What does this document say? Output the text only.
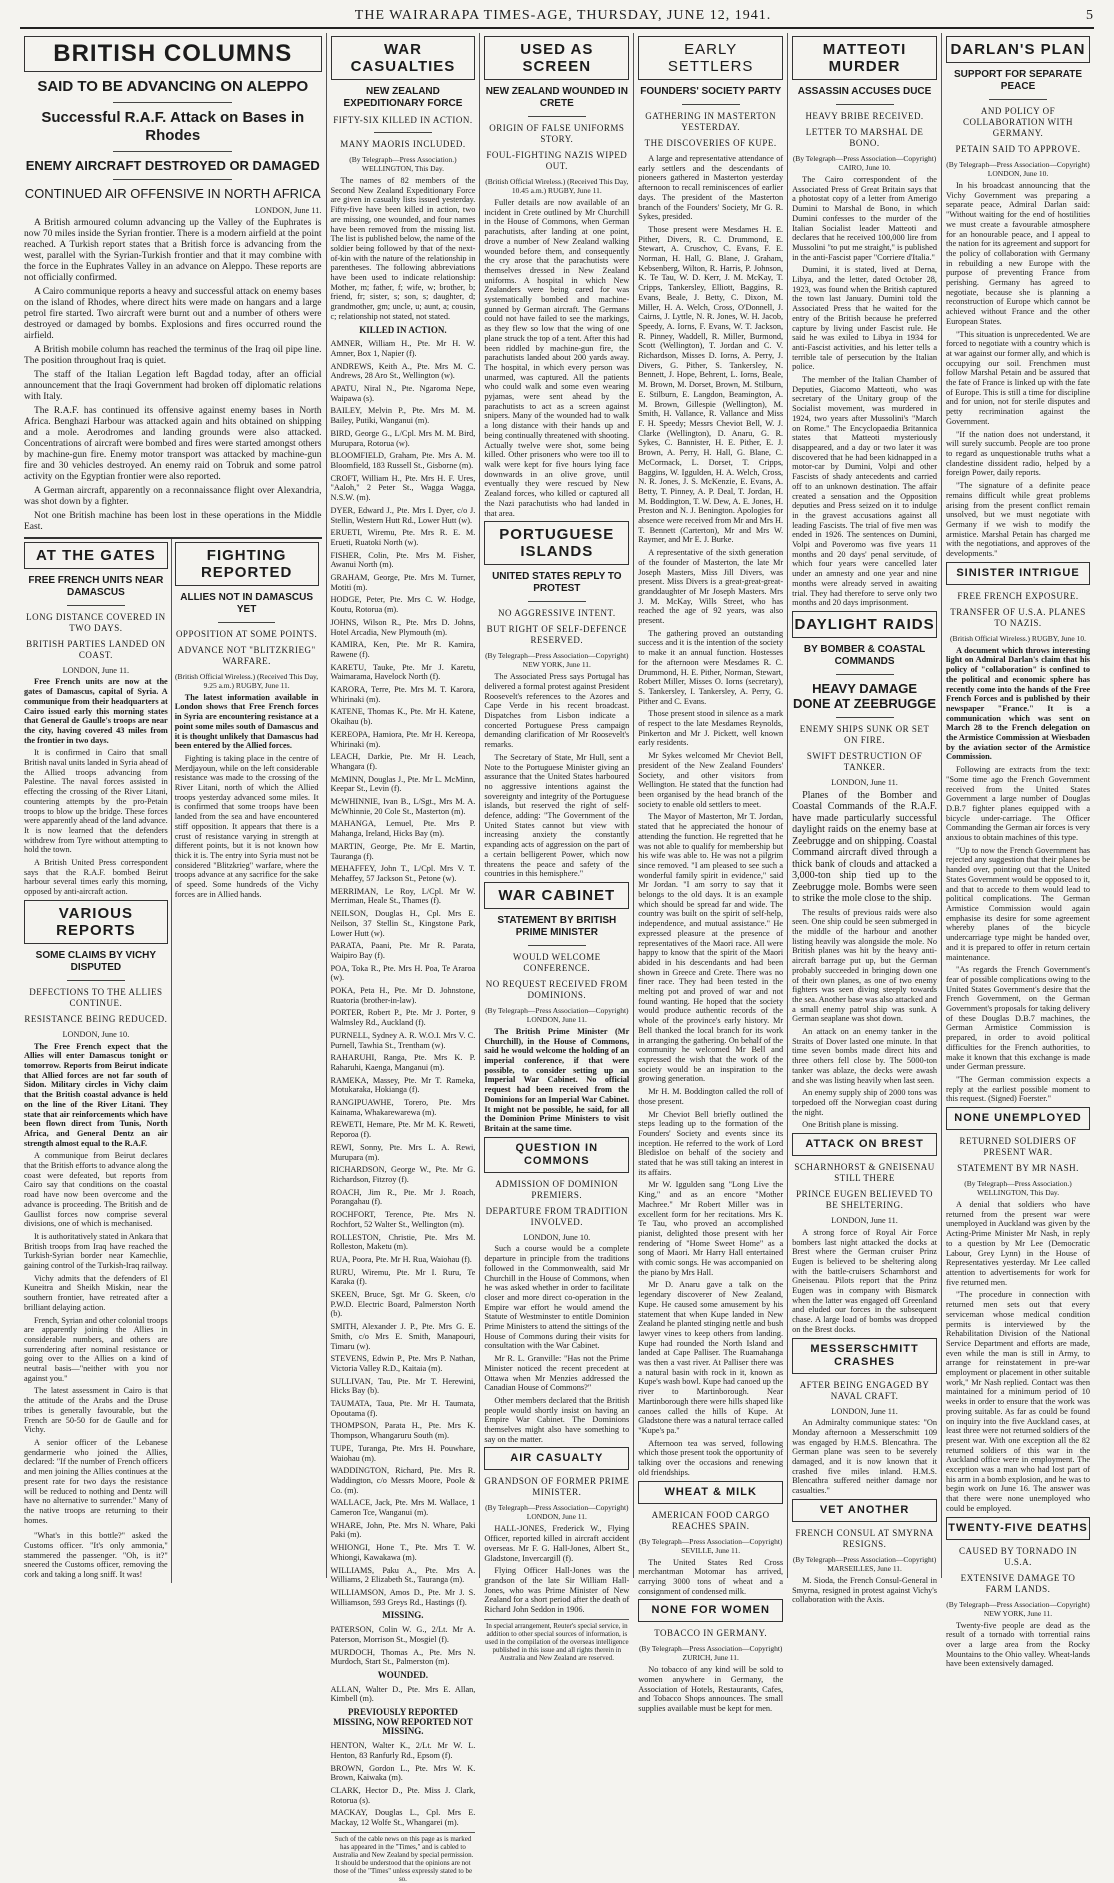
THE WAIRARAPA TIMES-AGE, THURSDAY, JUNE 12, 1941.	5
BRITISH COLUMNS
SAID TO BE ADVANCING ON ALEPPO
Successful R.A.F. Attack on Bases in Rhodes
ENEMY AIRCRAFT DESTROYED OR DAMAGED
CONTINUED AIR OFFENSIVE IN NORTH AFRICA
LONDON, June 11.

A British armoured column advancing up the Valley of the Euphrates is now 70 miles inside the Syrian frontier. There is a modern airfield at the point reached. A Turkish report states that a British force is advancing from the west, parallel with the Syrian-Turkish frontier and that it may combine with the force in the Euphrates Valley in an advance on Aleppo. These reports are not officially confirmed.

A Cairo communique reports a heavy and successful attack on enemy bases on the island of Rhodes, where direct hits were made on hangars and a large petrol fire started. Two aircraft were burnt out and a number of others were destroyed or damaged by bombs. Explosions and fires occurred round the airfield.

A British mobile column has reached the terminus of the Iraq oil pipe line. The position throughout Iraq is quiet.

The staff of the Italian Legation left Bagdad today, after an official announcement that the Iraqi Government had broken off diplomatic relations with Italy.

The R.A.F. has continued its offensive against enemy bases in North Africa. Benghazi Harbour was attacked again and hits obtained on shipping and a mole. Aerodromes and landing grounds were also attacked. Concentrations of aircraft were bombed and fires were started amongst others by machine-gun fire. Enemy motor transport was attacked by machine-gun fire and 30 vehicles destroyed. An enemy raid on Tobruk and some patrol activity on the Egyptian frontier were also reported.

A German aircraft, apparently on a reconnaissance flight over Alexandria, was shot down by a fighter.

Not one British machine has been lost in these operations in the Middle East.

AT THE GATES
FREE FRENCH UNITS NEAR DAMASCUS
LONG DISTANCE COVERED IN TWO DAYS.
BRITISH PARTIES LANDED ON COAST.
LONDON, June 11.

Free French units are now at the gates of Damascus, capital of Syria. A communique from their headquarters at Cairo issued early this morning states that General de Gaulle's troops are near the city, having covered 43 miles from the frontier in two days.

It is confirmed in Cairo that small British naval units landed in Syria ahead of the Allied troops advancing from Palestine. The naval forces assisted in effecting the crossing of the River Litani, countering attempts by the pro-Petain troops to blow up the bridge. These forces were apparently ahead of the land advance. It is now learned that the defenders withdrew from Tyre without attempting to hold the town.

A British United Press correspondent says that the R.A.F. bombed Beirut harbour several times early this morning, opposed by anti-aircraft action.

VARIOUS REPORTS
SOME CLAIMS BY VICHY DISPUTED
DEFECTIONS TO THE ALLIES CONTINUE.
RESISTANCE BEING REDUCED.
LONDON, June 10.

The Free French expect that the Allies will enter Damascus tonight or tomorrow. Reports from Beirut indicate that Allied forces are not far south of Sidon. Military circles in Vichy claim that the British coastal advance is held on the line of the River Litani. They state that air reinforcements which have been flown direct from Tunis, North Africa, and General Dentz an air strength almost equal to the R.A.F.

A communique from Beirut declares that the British efforts to advance along the coast were defeated, but reports from Cairo say that conditions on the coastal road have now been overcome and the advance is proceeding. The British and de Gaullist forces now comprise several divisions, one of which is mechanised.

It is authoritatively stated in Ankara that British troops from Iraq have reached the Turkish-Syrian border near Kamechlie, gaining control of the Turkish-Iraq railway.

Vichy admits that the defenders of El Kuneitra and Sheikh Miskin, near the southern frontier, have retreated after a brilliant delaying action.

French, Syrian and other colonial troops are apparently joining the Allies in considerable numbers, and others are surrendering after nominal resistance or going over to the Allies on a kind of neutral basis—"neither with you nor against you."

The latest assessment in Cairo is that the attitude of the Arabs and the Druse tribes is generally favourable, but the French are 50-50 for de Gaulle and for Vichy.

A senior officer of the Lebanese gendarmerie who joined the Allies, declared: "If the number of French officers and men joining the Allies continues at the present rate for two days the resistance will be reduced to nothing and Dentz will have no alternative to surrender." Many of the native troops are returning to their homes.

"What's in this bottle?" asked the Customs officer. "It's only ammonia," stammered the passenger. "Oh, is it?" sneered the Customs officer, removing the cork and taking a long sniff. It was!

FIGHTING REPORTED
ALLIES NOT IN DAMASCUS YET
OPPOSITION AT SOME POINTS.
ADVANCE NOT "BLITZKRIEG" WARFARE.
(British Official Wireless.) (Received This Day, 9.25 a.m.) RUGBY, June 11.

The latest information available in London shows that Free French forces in Syria are encountering resistance at a point some miles south of Damascus and it is thought unlikely that Damascus had been entered by the Allied forces.

Fighting is taking place in the centre of Merdjayoun, while on the left considerable resistance was made to the crossing of the River Litani, north of which the Allied troops yesterday advanced some miles. It is confirmed that some troops have been landed from the sea and have encountered stiff opposition. It appears that there is a crust of resistance varying in strength at different points, but it is not known how thick it is. The entry into Syria must not be considered "Blitzkrieg" warfare, where the troops advance at any sacrifice for the sake of speed. Some hundreds of the Vichy forces are in Allied hands.

WAR CASUALTIES
NEW ZEALAND EXPEDITIONARY FORCE
FIFTY-SIX KILLED IN ACTION.
MANY MAORIS INCLUDED.
(By Telegraph—Press Association.) WELLINGTON, This Day.

The names of 82 members of the Second New Zealand Expeditionary Force are given in casualty lists issued yesterday. Fifty-five have been killed in action, two are missing, one wounded, and four names have been removed from the missing list. The list is published below, the name of the soldier being followed by that of the next-of-kin with the nature of the relationship in parentheses. The following abbreviations have been used to indicate relationship: Mother, m; father, f; wife, w; brother, b; friend, fr; sister, s; son, s; daughter, d; grandmother, gm; uncle, u; aunt, a; cousin, c; relationship not stated, not stated.

KILLED IN ACTION.

AMNER, William H., Pte. Mr H. W. Amner, Box 1, Napier (f).

ANDREWS, Keith A., Pte. Mrs M. C. Andrews, 28 Aro St., Wellington (w).

APATU, Niral N., Pte. Ngaroma Nepe, Waipawa (s).

BAILEY, Melvin P., Pte. Mrs M. M. Bailey, Putiki, Wanganui (m).

BIRD, George G., L/Cpl. Mrs M. M. Bird, Murupara, Rotorua (w).

BLOOMFIELD, Graham, Pte. Mrs A. M. Bloomfield, 183 Russell St., Gisborne (m).

CROFT, William H., Pte. Mrs H. F. Ures, "Aaloh," 2 Peter St., Wagga Wagga, N.S.W. (m).

DYER, Edward J., Pte. Mrs I. Dyer, c/o J. Stellin, Western Hutt Rd., Lower Hutt (w).

ERUETI, Wiremu, Pte. Mrs R. E. M. Erueti, Ruatoki North (w).

FISHER, Colin, Pte. Mrs M. Fisher, Awanui North (m).

GRAHAM, George, Pte. Mrs M. Turner, Motiti (m).

HODGE, Peter, Pte. Mrs C. W. Hodge, Koutu, Rotorua (m).

JOHNS, Wilson R., Pte. Mrs D. Johns, Hotel Arcadia, New Plymouth (m).

KAMIRA, Ken, Pte. Mr R. Kamira, Rawene (f).

KARETU, Tauke, Pte. Mr J. Karetu, Waimarama, Havelock North (f).

KARORA, Terre, Pte. Mrs M. T. Karora, Whirinaki (m).

KATENE, Thomas K., Pte. Mr H. Katene, Okaihau (b).

KEREOPA, Hamiora, Pte. Mr H. Kereopa, Whirinaki (m).

LEACH, Darkie, Pte. Mr H. Leach, Whangara (f).

McMINN, Douglas J., Pte. Mr L. McMinn, Keepar St., Levin (f).

McWHINNIE, Ivan B., L/Sgt., Mrs M. A. McWhinnie, 20 Cole St., Masterton (m).

MAHANGA, Lemuel, Pte. Mrs P. Mahanga, Ireland, Hicks Bay (m).

MARTIN, George, Pte. Mr E. Martin, Tauranga (f).

MEHAFFEY, John T., L/Cpl. Mrs V. T. Mehaffey, 57 Jackson St., Petone (w).

MERRIMAN, Le Roy, L/Cpl. Mr W. Merriman, Heale St., Thames (f).

NEILSON, Douglas H., Cpl. Mrs E. Neilson, 37 Stellin St., Kingstone Park, Lower Hutt (w).

PARATA, Paani, Pte. Mr R. Parata, Waipiro Bay (f).

POA, Toka R., Pte. Mrs H. Poa, Te Araroa (w).

POKA, Peta H., Pte. Mr D. Johnstone, Ruatoria (brother-in-law).

PORTER, Robert P., Pte. Mr J. Porter, 9 Walmsley Rd., Auckland (f).

PURNELL, Sydney A. R. W.O.I. Mrs V. C. Purnell, Tawhia St., Trentham (w).

RAHARUHI, Ranga, Pte. Mrs K. P. Raharuhi, Kaenga, Manganui (m).

RAMEKA, Massey, Pte. Mr T. Rameka, Motukaraka, Hokianga (f).

RANGIPUAWHE, Torero, Pte. Mrs Kainama, Whakarewarewa (m).

REWETI, Hemare, Pte. Mr M. K. Reweti, Reporoa (f).

REWI, Sonny, Pte. Mrs L. A. Rewi, Murupara (m).

RICHARDSON, George W., Pte. Mr G. Richardson, Fitzroy (f).

ROACH, Jim R., Pte. Mr J. Roach, Porangahau (f).

ROCHFORT, Terence, Pte. Mrs N. Rochfort, 52 Walter St., Wellington (m).

ROLLESTON, Christie, Pte. Mrs M. Rolleston, Maketu (m).

RUA, Poora, Pte. Mr H. Rua, Waiohau (f).

RURU, Wiremu, Pte. Mr I. Ruru, Te Karaka (f).

SKEEN, Bruce, Sgt. Mr G. Skeen, c/o P.W.D. Electric Board, Palmerston North (b).

SMITH, Alexander J. P., Pte. Mrs G. E. Smith, c/o Mrs E. Smith, Manapouri, Timaru (w).

STEVENS, Edwin P., Pte. Mrs P. Nathan, Victoria Valley R.D., Kaitaia (m).

SULLIVAN, Tau, Pte. Mr T. Herewini, Hicks Bay (b).

TAUMATA, Taua, Pte. Mr H. Taumata, Opoutama (f).

THOMPSON, Parata H., Pte. Mrs K. Thompson, Whangaruru South (m).

TUPE, Turanga, Pte. Mrs H. Pouwhare, Waiohau (m).

WADDINGTON, Richard, Pte. Mrs R. Waddington, c/o Messrs Moore, Poole & Co. (m).

WALLACE, Jack, Pte. Mrs M. Wallace, 1 Cameron Tce, Wanganui (m).

WHARE, John, Pte. Mrs N. Whare, Paki Paki (m).

WHIONGI, Hone T., Pte. Mrs T. W. Whiongi, Kawakawa (m).

WILLIAMS, Paku A., Pte. Mrs A. Williams, 2 Elizabeth St., Tauranga (m).

WILLIAMSON, Amos D., Pte. Mr J. S. Williamson, 593 Greys Rd., Hastings (f).

MISSING.

PATERSON, Colin W. G., 2/Lt. Mr A. Paterson, Morrison St., Mosgiel (f).

MURDOCH, Thomas A., Pte. Mrs N. Murdoch, Start St., Palmerston (m).

WOUNDED.

ALLAN, Walter D., Pte. Mrs E. Allan, Kimbell (m).

PREVIOUSLY REPORTED MISSING, NOW REPORTED NOT MISSING.

HENTON, Walter K., 2/Lt. Mr W. L. Henton, 83 Ranfurly Rd., Epsom (f).

BROWN, Gordon L., Pte. Mrs W. K. Brown, Kaiwaka (m).

CLARK, Hector D., Pte. Miss J. Clark, Rotorua (s).

MACKAY, Douglas L., Cpl. Mrs E. Mackay, 12 Wolfe St., Whangarei (m).

Such of the cable news on this page as is marked has appeared in the "Times," and is cabled to Australia and New Zealand by special permission. It should be understood that the opinions are not those of the "Times" unless expressly stated to be so.
USED AS SCREEN
NEW ZEALAND WOUNDED IN CRETE
ORIGIN OF FALSE UNIFORMS STORY.
FOUL-FIGHTING NAZIS WIPED OUT.
(British Official Wireless.) (Received This Day, 10.45 a.m.) RUGBY, June 11.

Fuller details are now available of an incident in Crete outlined by Mr Churchill in the House of Commons, when German parachutists, after landing at one point, drove a number of New Zealand walking wounded before them, and consequently the cry arose that the parachutists were themselves dressed in New Zealand uniforms. A hospital in which New Zealanders were being cared for was systematically bombed and machine-gunned by German aircraft. The Germans could not have failed to see the markings, as they flew so low that the wing of one plane struck the top of a tent. After this had been riddled by machine-gun fire, the parachutists landed about 200 yards away. The hospital, in which every person was unarmed, was captured. All the patients who could walk and some even wearing pyjamas, were sent ahead by the parachutists to act as a screen against snipers. Many of the wounded had to walk a long distance with their hands up and being continually threatened with shooting. Actually twelve were shot, some being killed. Other prisoners who were too ill to walk were kept for five hours lying face downwards in an olive grove, until eventually they were rescued by New Zealand forces, who killed or captured all the Nazi parachutists who had landed in that area.

PORTUGUESE ISLANDS
UNITED STATES REPLY TO PROTEST
NO AGGRESSIVE INTENT.
BUT RIGHT OF SELF-DEFENCE RESERVED.
(By Telegraph—Press Association—Copyright) NEW YORK, June 11.

The Associated Press says Portugal has delivered a formal protest against President Roosevelt's references to the Azores and Cape Verde in his recent broadcast. Dispatches from Lisbon indicate a concerted Portuguese Press campaign demanding clarification of Mr Roosevelt's remarks.

The Secretary of State, Mr Hull, sent a Note to the Portuguese Minister giving an assurance that the United States harboured no aggressive intentions against the sovereignty and integrity of the Portuguese islands, but reserved the right of self-defence, adding: "The Government of the United States cannot but view with increasing anxiety the constantly expanding acts of aggression on the part of a certain belligerent Power, which now threatens the peace and safety of the countries in this hemisphere."

WAR CABINET
STATEMENT BY BRITISH PRIME MINISTER
WOULD WELCOME CONFERENCE.
NO REQUEST RECEIVED FROM DOMINIONS.
(By Telegraph—Press Association—Copyright) LONDON, June 11.

The British Prime Minister (Mr Churchill), in the House of Commons, said he would welcome the holding of an imperial conference, if that were possible, to consider setting up an Imperial War Cabinet. No official request had been received from the Dominions for an Imperial War Cabinet. It might not be possible, he said, for all the Dominion Prime Ministers to visit Britain at the same time.

QUESTION IN COMMONS
ADMISSION OF DOMINION PREMIERS.
DEPARTURE FROM TRADITION INVOLVED.
LONDON, June 10.

Such a course would be a complete departure in principle from the traditions followed in the Commonwealth, said Mr Churchill in the House of Commons, when he was asked whether in order to facilitate closer and more direct co-operation in the Empire war effort he would amend the Statute of Westminster to entitle Dominion Prime Ministers to attend the sittings of the House of Commons during their visits for consultation with the War Cabinet.

Mr R. L. Granville: "Has not the Prime Minister noticed the recent precedent at Ottawa when Mr Menzies addressed the Canadian House of Commons?"

Other members declared that the British people would shortly insist on having an Empire War Cabinet. The Dominions themselves might also have something to say on the matter.

AIR CASUALTY
GRANDSON OF FORMER PRIME MINISTER.
(By Telegraph—Press Association—Copyright) LONDON, June 11.

HALL-JONES, Frederick W., Flying Officer, reported killed in aircraft accident overseas. Mr F. G. Hall-Jones, Albert St., Gladstone, Invercargill (f).

Flying Officer Hall-Jones was the grandson of the late Sir William Hall-Jones, who was Prime Minister of New Zealand for a short period after the death of Richard John Seddon in 1906.

In special arrangement, Reuter's special service, in addition to other special sources of information, is used in the compilation of the overseas intelligence published in this issue and all rights therein in Australia and New Zealand are reserved.
EARLY SETTLERS
FOUNDERS' SOCIETY PARTY
GATHERING IN MASTERTON YESTERDAY.
THE DISCOVERIES OF KUPE.

A large and representative attendance of early settlers and the descendants of pioneers gathered in Masterton yesterday afternoon to recall reminiscences of earlier days. The president of the Masterton branch of the Founders' Society, Mr G. R. Sykes, presided.

Those present were Mesdames H. E. Pither, Divers, R. C. Drummond, E. Stewart, A. Cruschov, C. Evans, F. E. Norman, H. Hall, G. Blane, J. Graham, Kebsenberg, Wilton, R. Harris, P. Johnson, K. Te Tau, W. D. Kerr, J. M. McKay, T. Cripps, Tankersley, Elliott, Baggins, R. Evans, Beale, J. Betty, C. Dixon, M. Miller, H. A. Welch, Cross, O'Donnell, J. Cairns, J. Lyttle, N. R. Jones, W. H. Jacob, Speedy, A. Iorns, F. Evans, W. T. Jackson, R. Pinney, Waddell, R. Miller, Burmond, Scott (Wellington), T. Jordan and C. V. Richardson, Misses D. Iorns, A. Perry, J. Divers, G. Pither, S. Tankersley, N. Bennett, J. Hope, Behrent, L. Iorns, Beale, M. Brown, M. Dorset, Brown, M. Stilburn, E. Stilburn, E. Langdon, Beamington, A. M. Brown, Gillespie (Wellington), M. Smith, H. Vallance, R. Vallance and Miss F. H. Speedy; Messrs Cheviot Bell, W. J. Clarke (Wellington), D. Anaru, G. R. Sykes, C. Bannister, H. E. Pither, E. J. Brown, A. Perry, H. Hall, G. Blane, C. McCormack, L. Dorset, T. Cripps, Baggins, W. Iggulden, H. A. Welch, Cross, N. R. Jones, J. S. McKenzie, E. Evans, A. Betty, T. Pinney, A. P. Deal, T. Jordan, H. M. Boddington, T. W. Dew, A. E. Jones, H. Preston and N. J. Benington. Apologies for absence were received from Mr and Mrs H. T. Bennett (Carterton), Mr and Mrs W. Raymer, and Mr E. J. Burke.

A representative of the sixth generation of the founder of Masterton, the late Mr Joseph Masters, Miss Jill Divers, was present. Miss Divers is a great-great-great-granddaughter of Mr Joseph Masters. Mrs J. M. McKay, Wills Street, who has reached the age of 92 years, was also present.

The gathering proved an outstanding success and it is the intention of the society to make it an annual function. Hostesses for the afternoon were Mesdames R. C. Drummond, H. E. Pither, Norman, Stewart, Robert Miller, Misses O. Iorns (secretary), S. Tankersley, I. Tankersley, A. Perry, G. Pither and C. Evans.

Those present stood in silence as a mark of respect to the late Mesdames Reynolds, Pinkerton and Mr J. Pickett, well known early residents.

Mr Sykes welcomed Mr Cheviot Bell, president of the New Zealand Founders' Society, and other visitors from Wellington. He stated that the function had been organised by the head branch of the society to enable old settlers to meet.

The Mayor of Masterton, Mr T. Jordan, stated that he appreciated the honour of attending the function. He regretted that he was not able to qualify for membership but his wife was able to. He was not a pilgrim since removed. "I am pleased to see such a wonderful family spirit in evidence," said Mr Jordan. "I am sorry to say that it belongs to the old days. It is an example which should be spread far and wide. The country was built on the spirit of self-help, independence, and mutual assistance." He expressed pleasure at the presence of representatives of the Maori race. All were happy to know that the spirit of the Maori abided in his descendants and had been shown in Greece and Crete. There was no finer race. They had been tested in the melting pot and proved of war and not found wanting. He hoped that the society would produce authentic records of the whole of the province's early history. Mr Bell thanked the local branch for its work in arranging the gathering. On behalf of the community he welcomed Mr Bell and expressed the wish that the work of the society would be an inspiration to the growing generation.

Mr H. M. Boddington called the roll of those present.

Mr Cheviot Bell briefly outlined the steps leading up to the formation of the Founders' Society and events since its inception. He referred to the work of Lord Bledisloe on behalf of the society and stated that he was still taking an interest in its affairs.

Mr W. Iggulden sang "Long Live the King," and as an encore "Mother Machree." Mr Robert Miller was in excellent form for her recitations. Mrs K. Te Tau, who proved an accomplished pianist, delighted those present with her rendering of "Home Sweet Home" as a song of Maori. Mr Harry Hall entertained with comic songs. He was accompanied on the piano by Mrs Hall.

Mr D. Anaru gave a talk on the legendary discoverer of New Zealand, Kupe. He caused some amusement by his statement that when Kupe landed in New Zealand he planted stinging nettle and bush lawyer vines to keep others from landing. Kupe had rounded the North Island and landed at Cape Palliser. The Ruamahanga was then a vast river. At Palliser there was a natural basin with rock in it, known as Kupe's wash bowl. Kupe had canoed up the river to Martinborough. Near Martinborough there were hills shaped like canoes called the hills of Kupe. At Gladstone there was a natural terrace called "Kupe's pa."

Afternoon tea was served, following which those present took the opportunity of talking over the occasions and renewing old friendships.

WHEAT & MILK
AMERICAN FOOD CARGO REACHES SPAIN.
(By Telegraph—Press Association—Copyright) SEVILLE, June 11.

The United States Red Cross merchantman Motomar has arrived, carrying 3000 tons of wheat and a consignment of condensed milk.

NONE FOR WOMEN
TOBACCO IN GERMANY.
(By Telegraph—Press Association—Copyright) ZURICH, June 11.

No tobacco of any kind will be sold to women anywhere in Germany, the Association of Hotels, Restaurants, Cafes, and Tobacco Shops announces. The small supplies available must be kept for men.

MATTEOTI MURDER
ASSASSIN ACCUSES DUCE
HEAVY BRIBE RECEIVED.
LETTER TO MARSHAL DE BONO.
(By Telegraph—Press Association—Copyright) CAIRO, June 10.

The Cairo correspondent of the Associated Press of Great Britain says that a photostat copy of a letter from Amerigo Dumini to Marshal de Bono, in which Dumini confesses to the murder of the Italian Socialist leader Matteoti and declares that he received 100,000 lire from Mussolini "to put me straight," is published in the anti-Fascist paper "Corriere d'Italia."

Dumini, it is stated, lived at Derna, Libya, and the letter, dated October 28, 1923, was found when the British captured the town last January. Dumini told the Associated Press that he waited for the entry of the British because he preferred capture by living under Fascist rule. He said he was exiled to Libya in 1934 for anti-Fascist activities, and his letter tells a terrible tale of persecution by the Italian police.

The member of the Italian Chamber of Deputies, Giacomo Matteoti, who was secretary of the Unitary group of the Socialist movement, was murdered in 1924, two years after Mussolini's "March on Rome." The Encyclopaedia Britannica states that Matteoti mysteriously disappeared, and a day or two later it was discovered that he had been kidnapped in a motor-car by Dumini, Volpi and other Fascists of shady antecedents and carried off to an unknown destination. The affair created a sensation and the Opposition deputies and Press seized on it to indulge in the gravest accusations against all leading Fascists. The trial of five men was ended in 1926. The sentences on Dumini, Volpi and Poveromo was five years 11 months and 20 days' penal servitude, of which four years were cancelled later under an amnesty and one year and nine months were already served in awaiting trial. They had therefore to serve only two months and 20 days imprisonment.

DAYLIGHT RAIDS
BY BOMBER & COASTAL COMMANDS
HEAVY DAMAGE DONE AT ZEEBRUGGE
ENEMY SHIPS SUNK OR SET ON FIRE.
SWIFT DESTRUCTION OF TANKER.
LONDON, June 11.

Planes of the Bomber and Coastal Commands of the R.A.F. have made particularly successful daylight raids on the enemy base at Zeebrugge and on shipping. Coastal Command aircraft dived through a thick bank of clouds and attacked a 3,000-ton ship tied up to the Zeebrugge mole. Bombs were seen to strike the mole close to the ship.

The results of previous raids were also seen. One ship could be seen submerged in the middle of the harbour and another listing heavily was alongside the mole. No British planes was hit by the heavy anti-aircraft barrage put up, but the German probably succeeded in bringing down one of their own planes, as one of two enemy fighters was seen diving steeply towards the sea. Another base was also attacked and a small enemy patrol ship was sunk. A German seaplane was shot down.

An attack on an enemy tanker in the Straits of Dover lasted one minute. In that time seven bombs made direct hits and three others fell close by. The 5000-ton tanker was ablaze, the decks were awash and she was listing heavily when last seen.

An enemy supply ship of 2000 tons was torpedoed off the Norwegian coast during the night.

One British plane is missing.

ATTACK ON BREST
SCHARNHORST & GNEISENAU STILL THERE
PRINCE EUGEN BELIEVED TO BE SHELTERING.
LONDON, June 11.

A strong force of Royal Air Force bombers last night attacked the docks at Brest where the German cruiser Prinz Eugen is believed to be sheltering along with the battle-cruisers Scharnhorst and Gneisenau. Pilots report that the Prinz Eugen was in company with Bismarck when the latter was engaged off Greenland and eluded our forces in the subsequent chase. A large load of bombs was dropped on the Brest docks.

MESSERSCHMITT CRASHES
AFTER BEING ENGAGED BY NAVAL CRAFT.
LONDON, June 11.

An Admiralty communique states: "On Monday afternoon a Messerschmitt 109 was engaged by H.M.S. Blencathra. The German plane was seen to be severely damaged, and it is now known that it crashed five miles inland. H.M.S. Blencathra suffered neither damage nor casualties."

VET ANOTHER
FRENCH CONSUL AT SMYRNA RESIGNS.
(By Telegraph—Press Association—Copyright) MARSEILLES, June 11.

M. Sioda, the French Consul-General in Smyrna, resigned in protest against Vichy's collaboration with the Axis.

DARLAN'S PLAN
SUPPORT FOR SEPARATE PEACE
AND POLICY OF COLLABORATION WITH GERMANY.
PETAIN SAID TO APPROVE.
(By Telegraph—Press Association—Copyright) LONDON, June 10.

In his broadcast announcing that the Vichy Government was preparing a separate peace, Admiral Darlan said: "Without waiting for the end of hostilities we must create a favourable atmosphere for an honourable peace, and I appeal to the nation for its agreement and support for the policy of collaboration with Germany in rebuilding a new Europe with the purpose of preventing France from perishing. Germany has agreed to negotiate, because she is planning a reconstruction of Europe which cannot be achieved without France and the other European States.

"This situation is unprecedented. We are forced to negotiate with a country which is at war against our former ally, and which is occupying our soil. Frenchmen must follow Marshal Petain and be assured that the fate of France is linked up with the fate of Europe. This is still a time for discipline and for union, not for sterile disputes and petty recrimination against the Government.

"If the nation does not understand, it will surely succumb. People are too prone to regard as unquestionable truths what a clandestine dissident radio, helped by a foreign Power, daily reports.

"The signature of a definite peace remains difficult while great problems arising from the present conflict remain unsolved, but we must negotiate with Germany if we wish to modify the armistice. Marshal Petain has charged me with the negotiations, and approves of the developments."

SINISTER INTRIGUE
FREE FRENCH EXPOSURE.
TRANSFER OF U.S.A. PLANES TO NAZIS.
(British Official Wireless.) RUGBY, June 10.

A document which throws interesting light on Admiral Darlan's claim that his policy of "collaboration" is confined to the political and economic sphere has recently come into the hands of the Free French Forces and is published by their newspaper "France." It is a communication which was sent on March 28 to the French delegation on the Armistice Commission at Wiesbaden by the aviation sector of the Armistice Commission.

Following are extracts from the text: "Some time ago the French Government received from the United States Government a large number of Douglas D.B.7 fighter planes equipped with a bicycle under-carriage. The Officer Commanding the German air forces is very anxious to obtain machines of this type.

"Up to now the French Government has rejected any suggestion that their planes be handed over, pointing out that the United States Government would be opposed to it, and that to accede to them would lead to political complications. The German Armistice Commission would again emphasise its desire for some agreement whereby planes of the bicycle undercarriage type might be handed over, and it is prepared to offer in return certain maintenance.

"As regards the French Government's fear of possible complications owing to the United States Government's desire that the French Government, on the German Government's proposals for taking delivery of these Douglas D.B.7 machines, the German Armistice Commission is prepared, in order to avoid political difficulties for the French authorities, to make it known that this exchange is made under German pressure.

"The German commission expects a reply at the earliest possible moment to this request. (Signed) Foerster."

NONE UNEMPLOYED
RETURNED SOLDIERS OF PRESENT WAR.
STATEMENT BY MR NASH.
(By Telegraph—Press Association.) WELLINGTON, This Day.

A denial that soldiers who have returned from the present war were unemployed in Auckland was given by the Acting-Prime Minister Mr Nash, in reply to a question by Mr Lee (Democratic Labour, Grey Lynn) in the House of Representatives yesterday. Mr Lee called attention to advertisements for work for five returned men.

"The procedure in connection with returned men sets out that every serviceman whose medical condition permits is interviewed by the Rehabilitation Division of the National Service Department and efforts are made, even while the man is still in Army, to arrange for reinstatement in pre-war employment or placement in other suitable work," Mr Nash replied. Contact was then maintained for a minimum period of 10 weeks in order to ensure that the work was proving suitable. As far as could be found on inquiry into the five Auckland cases, at least three were not returned soldiers of the present war. With one exception all the 82 returned soldiers of this war in the Auckland office were in employment. The exception was a man who had lost part of his arm in a bomb explosion, and he was to begin work on June 16. The answer was that there were none unemployed who could be employed.

TWENTY-FIVE DEATHS
CAUSED BY TORNADO IN U.S.A.
EXTENSIVE DAMAGE TO FARM LANDS.
(By Telegraph—Press Association—Copyright) NEW YORK, June 11.

Twenty-five people are dead as the result of a tornado with torrential rains over a large area from the Rocky Mountains to the Ohio valley. Wheat-lands have been extensively damaged.
